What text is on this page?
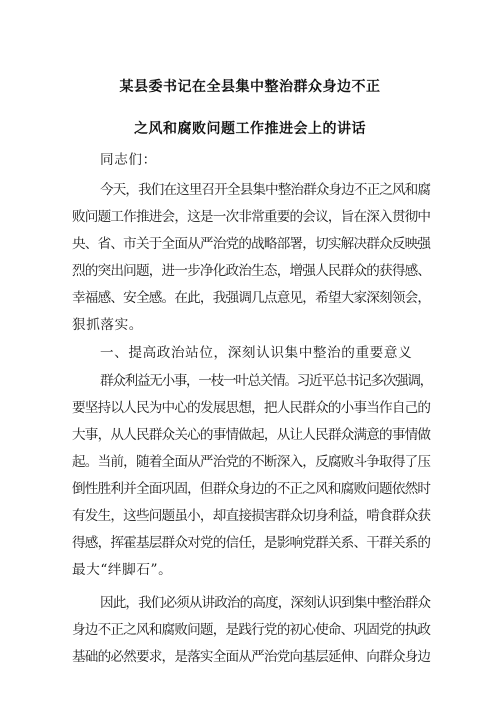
某县委书记在全县集中整治群众身边不正
之风和腐败问题工作推进会上的讲话
同志们：
今天，我们在这里召开全县集中整治群众身边不正之风和腐
败问题工作推进会，这是一次非常重要的会议，旨在深入贯彻中
央、省、市关于全面从严治党的战略部署，切实解决群众反映强
烈的突出问题，进一步净化政治生态，增强人民群众的获得感、
幸福感、安全感。在此，我强调几点意见，希望大家深刻领会，
狠抓落实。
一、提高政治站位，深刻认识集中整治的重要意义
群众利益无小事，一枝一叶总关情。习近平总书记多次强调，
要坚持以人民为中心的发展思想，把人民群众的小事当作自己的
大事，从人民群众关心的事情做起，从让人民群众满意的事情做
起。当前，随着全面从严治党的不断深入，反腐败斗争取得了压
倒性胜利并全面巩固，但群众身边的不正之风和腐败问题依然时
有发生，这些问题虽小，却直接损害群众切身利益，啃食群众获
得感，挥霍基层群众对党的信任，是影响党群关系、干群关系的
最大“绊脚石”。
因此，我们必须从讲政治的高度，深刻认识到集中整治群众
身边不正之风和腐败问题，是践行党的初心使命、巩固党的执政
基础的必然要求，是落实全面从严治党向基层延伸、向群众身边
